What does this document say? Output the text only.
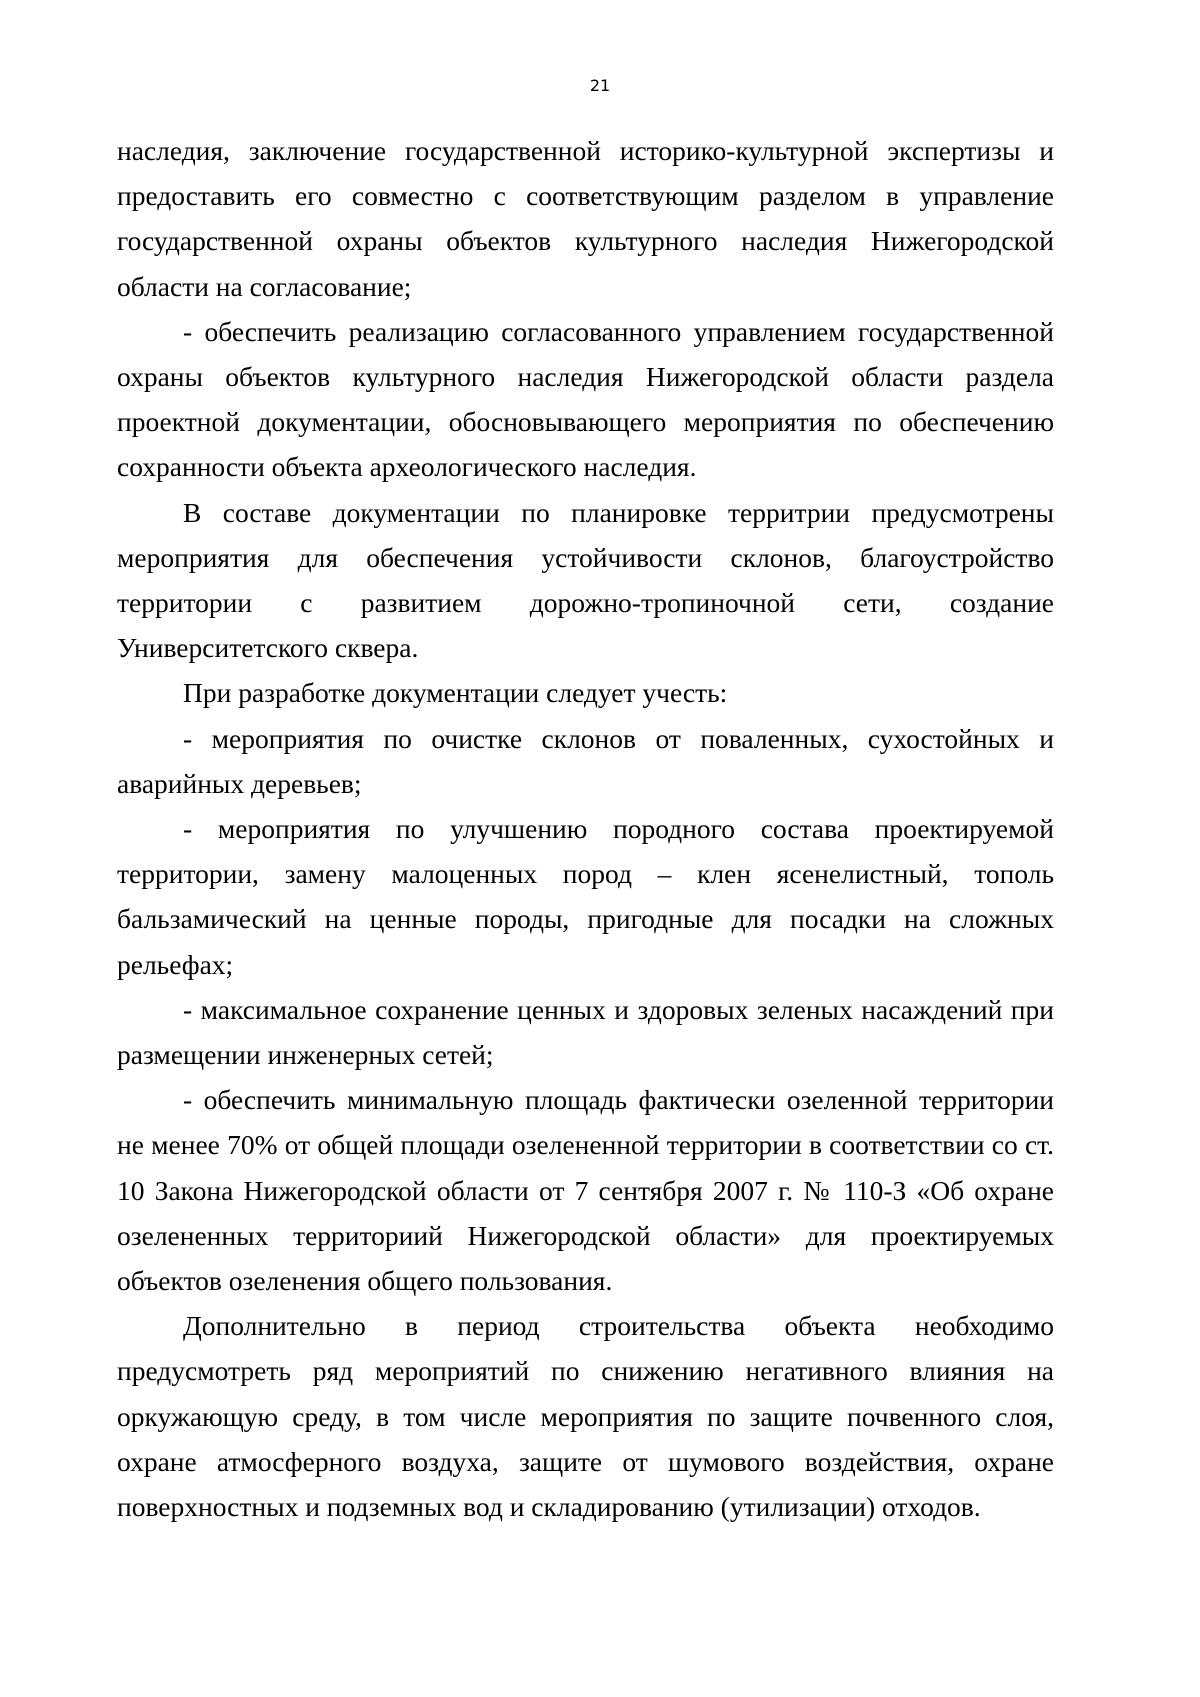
21

наследия, заключение государственной историко-культурной экспертизы и предоставить его совместно с соответствующим разделом в управление государственной охраны объектов культурного наследия Нижегородской области на согласование;

- обеспечить реализацию согласованного управлением государственной охраны объектов культурного наследия Нижегородской области раздела проектной документации, обосновывающего мероприятия по обеспечению сохранности объекта археологического наследия.

В составе документации по планировке территрии предусмотрены мероприятия для обеспечения устойчивости склонов, благоустройство территории с развитием дорожно-тропиночной сети, создание Университетского сквера.

При разработке документации следует учесть:

- мероприятия по очистке склонов от поваленных, сухостойных и аварийных деревьев;

- мероприятия по улучшению породного состава проектируемой территории, замену малоценных пород – клен ясенелистный, тополь бальзамический на ценные породы, пригодные для посадки на сложных рельефах;

- максимальное сохранение ценных и здоровых зеленых насаждений при размещении инженерных сетей;

- обеспечить минимальную площадь фактически озеленной территории не менее 70% от общей площади озелененной территории в соответствии со ст. 10 Закона Нижегородской области от 7 сентября 2007 г. № 110-З «Об охране озелененных территориий Нижегородской области» для проектируемых объектов озеленения общего пользования.

Дополнительно в период строительства объекта необходимо предусмотреть ряд мероприятий по снижению негативного влияния на оркужающую среду, в том числе мероприятия по защите почвенного слоя, охране атмосферного воздуха, защите от шумового воздействия, охране поверхностных и подземных вод и складированию (утилизации) отходов.
